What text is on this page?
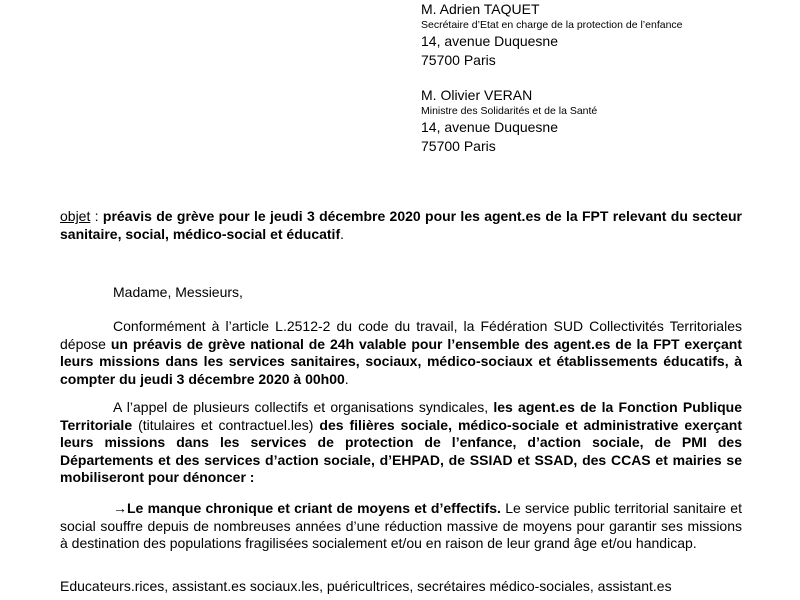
M. Adrien TAQUET
Secrétaire d’Etat en charge de la protection de l’enfance
14, avenue Duquesne
75700 Paris
M. Olivier VERAN
Ministre des Solidarités et de la Santé
14, avenue Duquesne
75700 Paris

objet : préavis de grève pour le jeudi 3 décembre 2020 pour les agent.es de la FPT relevant du secteur sanitaire, social, médico-social et éducatif.

Madame, Messieurs,

Conformément à l’article L.2512-2 du code du travail, la Fédération SUD Collectivités Territoriales dépose un préavis de grève national de 24h valable pour l’ensemble des agent.es de la FPT exerçant leurs missions dans les services sanitaires, sociaux, médico-sociaux et établissements éducatifs, à compter du jeudi 3 décembre 2020 à 00h00.

A l’appel de plusieurs collectifs et organisations syndicales, les agent.es de la Fonction Publique Territoriale (titulaires et contractuel.les) des filières sociale, médico-sociale et administrative exerçant leurs missions dans les services de protection de l’enfance, d’action sociale, de PMI des Départements et des services d’action sociale, d’EHPAD, de SSIAD et SSAD, des CCAS et mairies se mobiliseront pour dénoncer :

→Le manque chronique et criant de moyens et d’effectifs. Le service public territorial sanitaire et social souffre depuis de nombreuses années d’une réduction massive de moyens pour garantir ses missions à destination des populations fragilisées socialement et/ou en raison de leur grand âge et/ou handicap.

Educateurs.rices, assistant.es sociaux.les, puéricultrices, secrétaires médico-sociales, assistant.es
